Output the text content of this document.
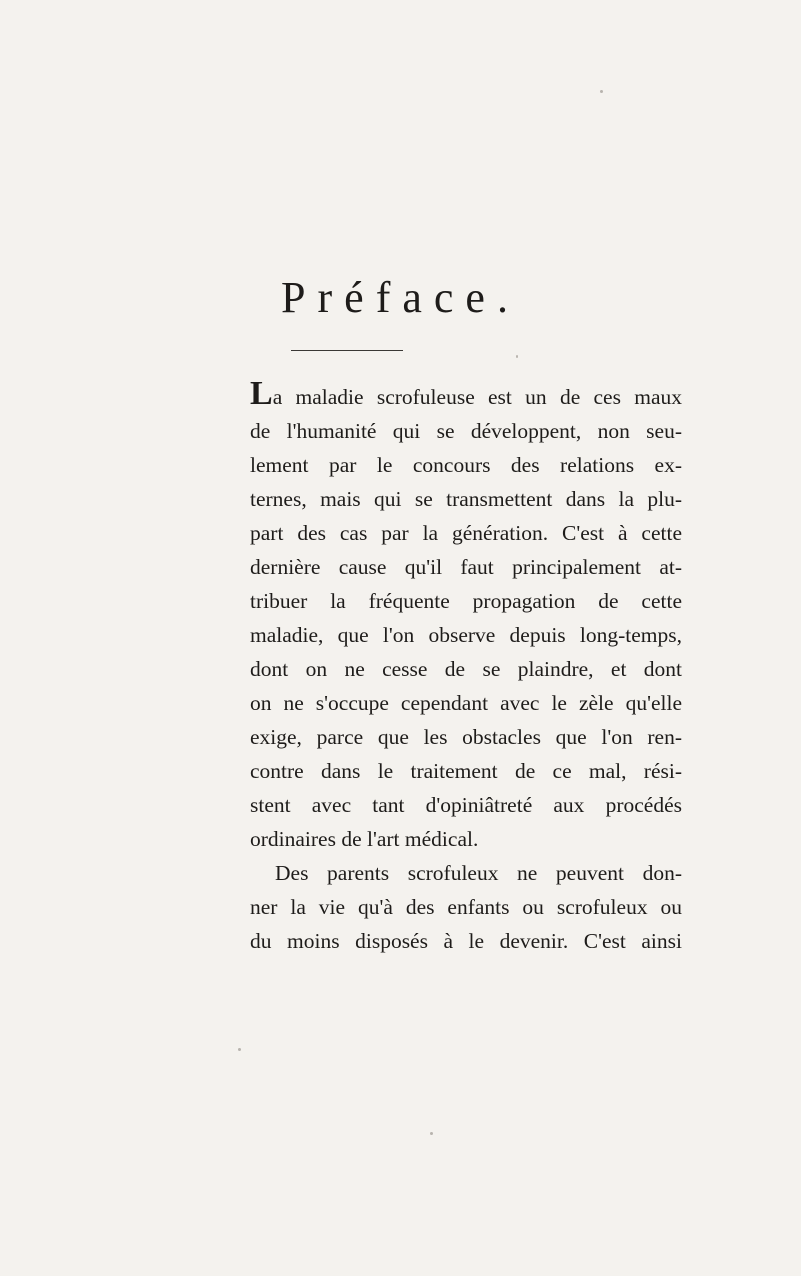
Préface.
La maladie scrofuleuse est un de ces maux
de l'humanité qui se développent, non seu-
lement par le concours des relations ex-
ternes, mais qui se transmettent dans la plu-
part des cas par la génération. C'est à cette
dernière cause qu'il faut principalement at-
tribuer la fréquente propagation de cette
maladie, que l'on observe depuis long-temps,
dont on ne cesse de se plaindre, et dont
on ne s'occupe cependant avec le zèle qu'elle
exige, parce que les obstacles que l'on ren-
contre dans le traitement de ce mal, rési-
stent avec tant d'opiniâtreté aux procédés
ordinaires de l'art médical.
Des parents scrofuleux ne peuvent don-
ner la vie qu'à des enfants ou scrofuleux ou
du moins disposés à le devenir. C'est ainsi
